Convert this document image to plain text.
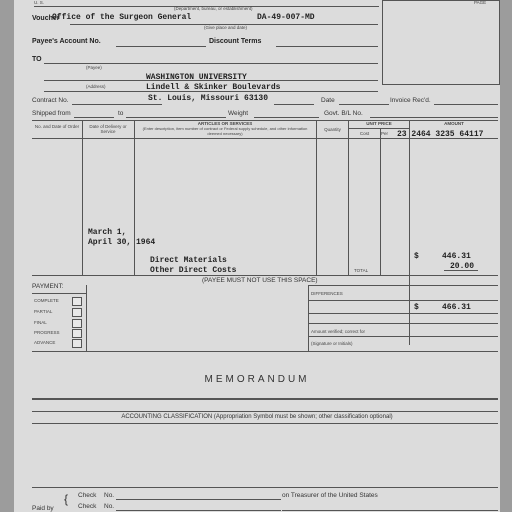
U. S.	PAGE
(Department, bureau, or establishment)
Voucher
Office of the Surgeon General	DA-49-007-MD
(Give place and date)
Payee's Account No.	Discount Terms
TO
(Payee)
WASHINGTON UNIVERSITY
Lindell & Skinker Boulevards
(Address)
St. Louis, Missouri 63130
Contract No.	Date	Invoice Rec'd.
Shipped from	to	Weight	Govt. B/L No.
No. and Date of Order	Date of Delivery or Service
ARTICLES OR SERVICES
(Enter description, item number of contract or Federal supply schedule, and other information deemed necessary)
Quantity
UNIT PRICE
Cost	Per
AMOUNT
23 2464 3235 64117
March 1,
April 30, 1964
Direct Materials
Other Direct Costs
$	446.31
20.00
TOTAL
(PAYEE MUST NOT USE THIS SPACE)
PAYMENT:
COMPLETE
PARTIAL
FINAL
PROGRESS
ADVANCE
DIFFERENCES
$	466.31
Amount verified; correct for
(Signature or Initials)
MEMORANDUM
ACCOUNTING CLASSIFICATION (Appropriation Symbol must be shown; other classification optional)
{ Check No.	on Treasurer of the United States
Paid by	Check No.
